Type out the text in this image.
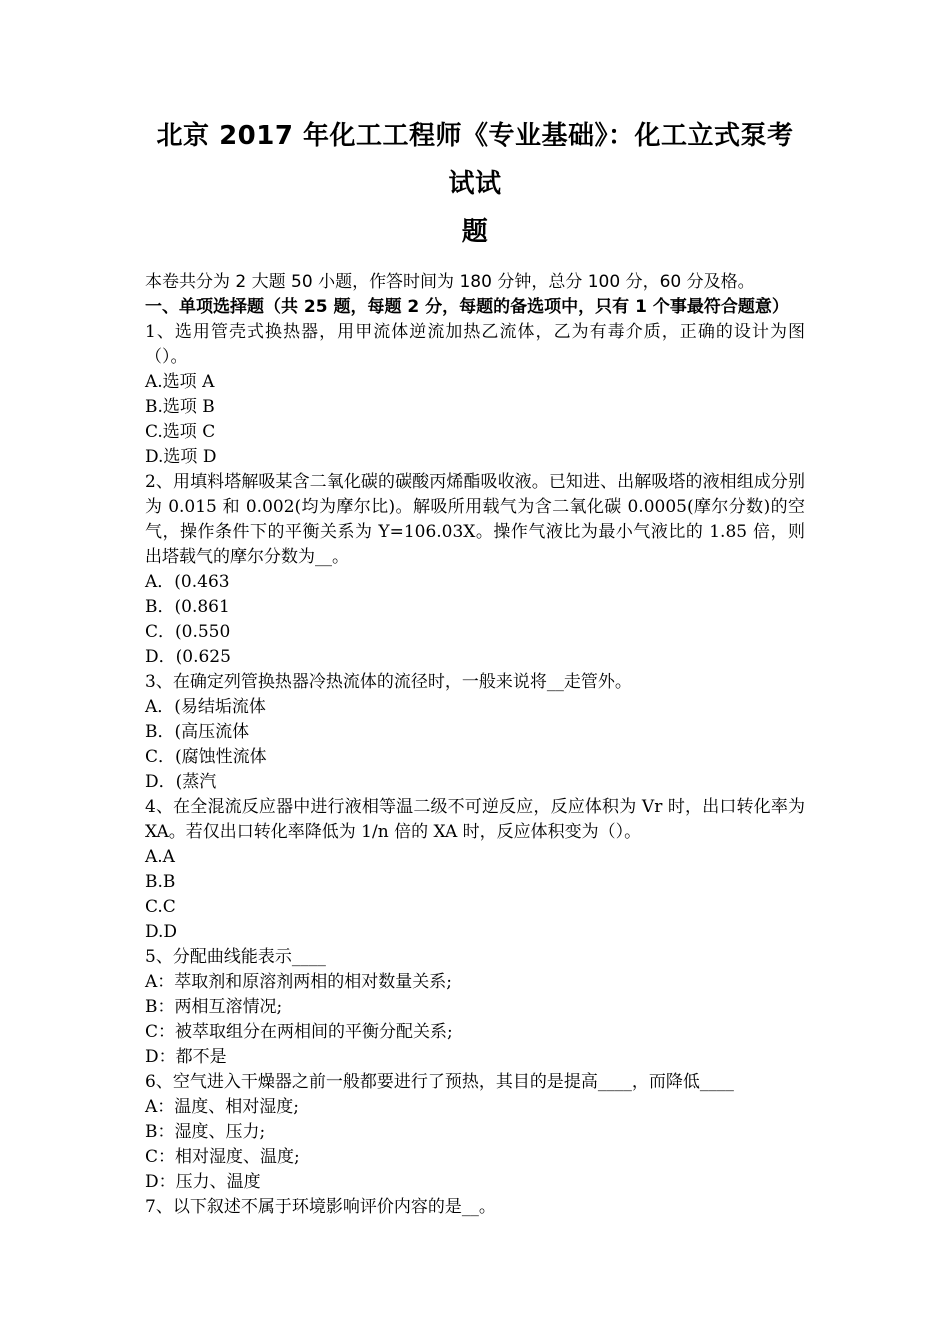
北京 2017 年化工工程师《专业基础》：化工立式泵考试试
题
本卷共分为 2 大题 50 小题，作答时间为 180 分钟，总分 100 分，60 分及格。
一、单项选择题（共 25 题，每题 2 分，每题的备选项中，只有 1 个事最符合题意）
1、选用管壳式换热器，用甲流体逆流加热乙流体，乙为有毒介质，正确的设计为图（）。
A.选项 A
B.选项 B
C.选项 C
D.选项 D
2、用填料塔解吸某含二氧化碳的碳酸丙烯酯吸收液。已知进、出解吸塔的液相组成分别为 0.015 和 0.002(均为摩尔比)。解吸所用载气为含二氧化碳 0.0005(摩尔分数)的空气，操作条件下的平衡关系为 Y=106.03X。操作气液比为最小气液比的 1.85 倍，则出塔载气的摩尔分数为__。
A．(0.463
B．(0.861
C．(0.550
D．(0.625
3、在确定列管换热器冷热流体的流径时，一般来说将__走管外。
A．(易结垢流体
B．(高压流体
C．(腐蚀性流体
D．(蒸汽
4、在全混流反应器中进行液相等温二级不可逆反应，反应体积为 Vr 时，出口转化率为 XA。若仅出口转化率降低为 1/n 倍的 XA 时，反应体积变为（）。
A.A
B.B
C.C
D.D
5、分配曲线能表示____
A：萃取剂和原溶剂两相的相对数量关系;
B：两相互溶情况;
C：被萃取组分在两相间的平衡分配关系;
D：都不是
6、空气进入干燥器之前一般都要进行了预热，其目的是提高____，而降低____
A：温度、相对湿度;
B：湿度、压力;
C：相对湿度、温度;
D：压力、温度
7、以下叙述不属于环境影响评价内容的是__。
